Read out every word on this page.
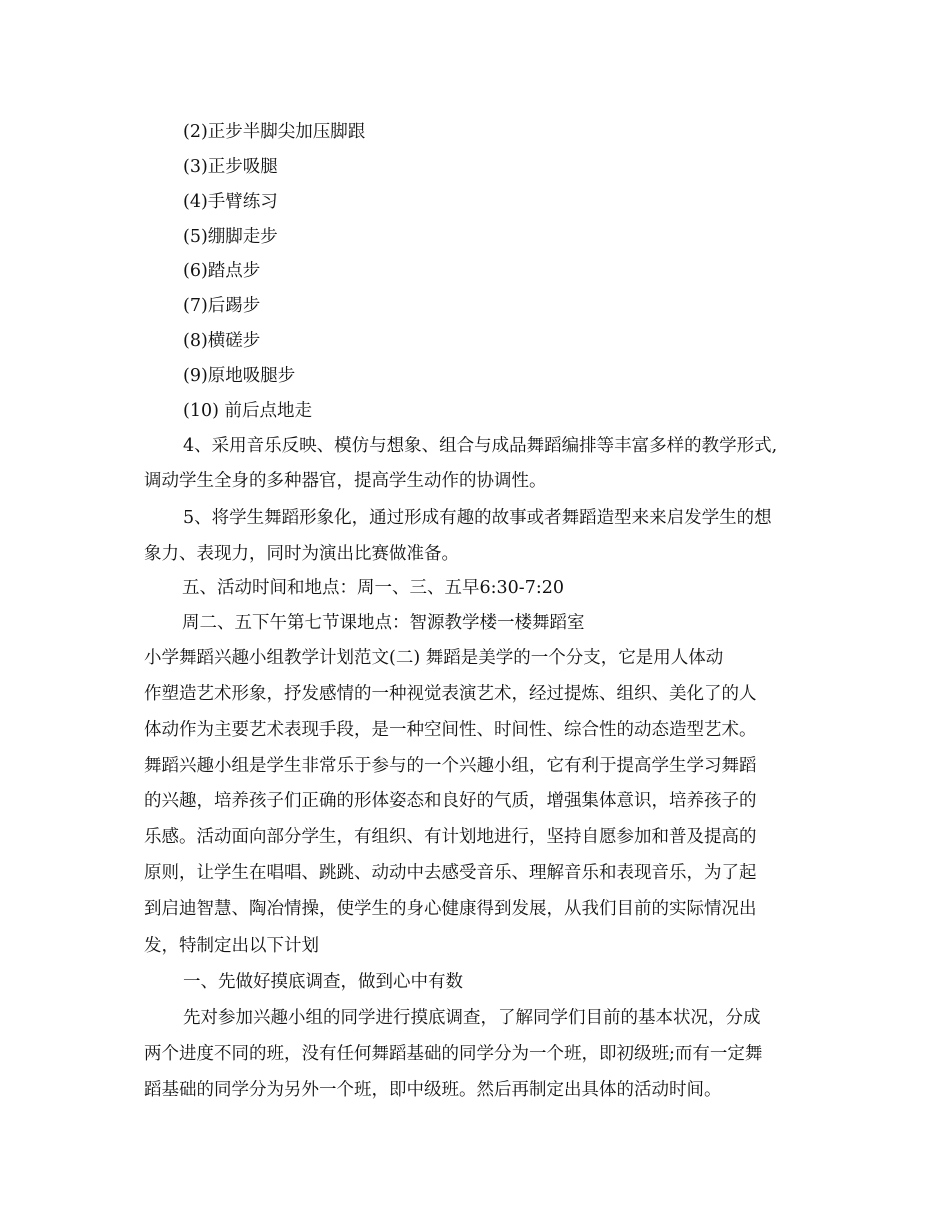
(2)正步半脚尖加压脚跟
(3)正步吸腿
(4)手臂练习
(5)绷脚走步
(6)踏点步
(7)后踢步
(8)横磋步
(9)原地吸腿步
(10) 前后点地走
4、采用音乐反映、模仿与想象、组合与成品舞蹈编排等丰富多样的教学形式,
调动学生全身的多种器官，提高学生动作的协调性。
5、将学生舞蹈形象化，通过形成有趣的故事或者舞蹈造型来来启发学生的想
象力、表现力，同时为演出比赛做准备。
五、活动时间和地点：周一、三、五早6:30-7:20
周二、五下午第七节课地点：智源教学楼一楼舞蹈室
小学舞蹈兴趣小组教学计划范文(二) 舞蹈是美学的一个分支，它是用人体动
作塑造艺术形象，抒发感情的一种视觉表演艺术，经过提炼、组织、美化了的人
体动作为主要艺术表现手段，是一种空间性、时间性、综合性的动态造型艺术。
舞蹈兴趣小组是学生非常乐于参与的一个兴趣小组，它有利于提高学生学习舞蹈
的兴趣，培养孩子们正确的形体姿态和良好的气质，增强集体意识，培养孩子的
乐感。活动面向部分学生，有组织、有计划地进行，坚持自愿参加和普及提高的
原则，让学生在唱唱、跳跳、动动中去感受音乐、理解音乐和表现音乐，为了起
到启迪智慧、陶冶情操，使学生的身心健康得到发展，从我们目前的实际情况出
发，特制定出以下计划
一、先做好摸底调查，做到心中有数
先对参加兴趣小组的同学进行摸底调查，了解同学们目前的基本状况，分成
两个进度不同的班，没有任何舞蹈基础的同学分为一个班，即初级班;而有一定舞
蹈基础的同学分为另外一个班，即中级班。然后再制定出具体的活动时间。
